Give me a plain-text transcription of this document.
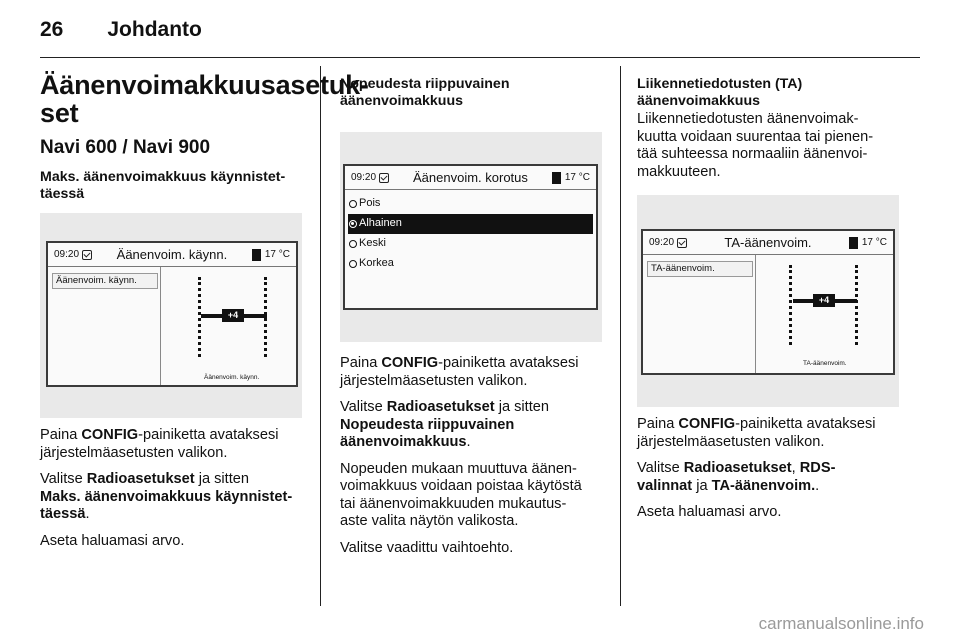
26 Johdanto
Äänenvoimakkuusasetuk-
set
Navi 600 / Navi 900
Maks. äänenvoimakkuus käynnistet-
täessä
09:20	Äänenvoim. käynn.	17 °C
Äänenvoim. käynn.
+4
Äänenvoim. käynn.

Paina CONFIG-painiketta avataksesi
järjestelmäasetusten valikon.

Valitse Radioasetukset ja sitten
Maks. äänenvoimakkuus käynnistet-
täessä.

Aseta haluamasi arvo.

Nopeudesta riippuvainen
äänenvoimakkuus
09:20	Äänenvoim. korotus	17 °C
Pois
Alhainen
Keski
Korkea

Paina CONFIG-painiketta avataksesi
järjestelmäasetusten valikon.

Valitse Radioasetukset ja sitten
Nopeudesta riippuvainen
äänenvoimakkuus.

Nopeuden mukaan muuttuva äänen-
voimakkuus voidaan poistaa käytöstä
tai äänenvoimakkuuden mukautus-
aste valita näytön valikosta.

Valitse vaadittu vaihtoehto.

Liikennetiedotusten (TA)
äänenvoimakkuus

Liikennetiedotusten äänenvoimak-
kuutta voidaan suurentaa tai pienen-
tää suhteessa normaaliin äänenvoi-
makkuuteen.

09:20	TA-äänenvoim.	17 °C
TA-äänenvoim.
+4
TA-äänenvoim.

Paina CONFIG-painiketta avataksesi
järjestelmäasetusten valikon.

Valitse Radioasetukset, RDS-
valinnat ja TA-äänenvoim..

Aseta haluamasi arvo.

carmanualsonline.info
